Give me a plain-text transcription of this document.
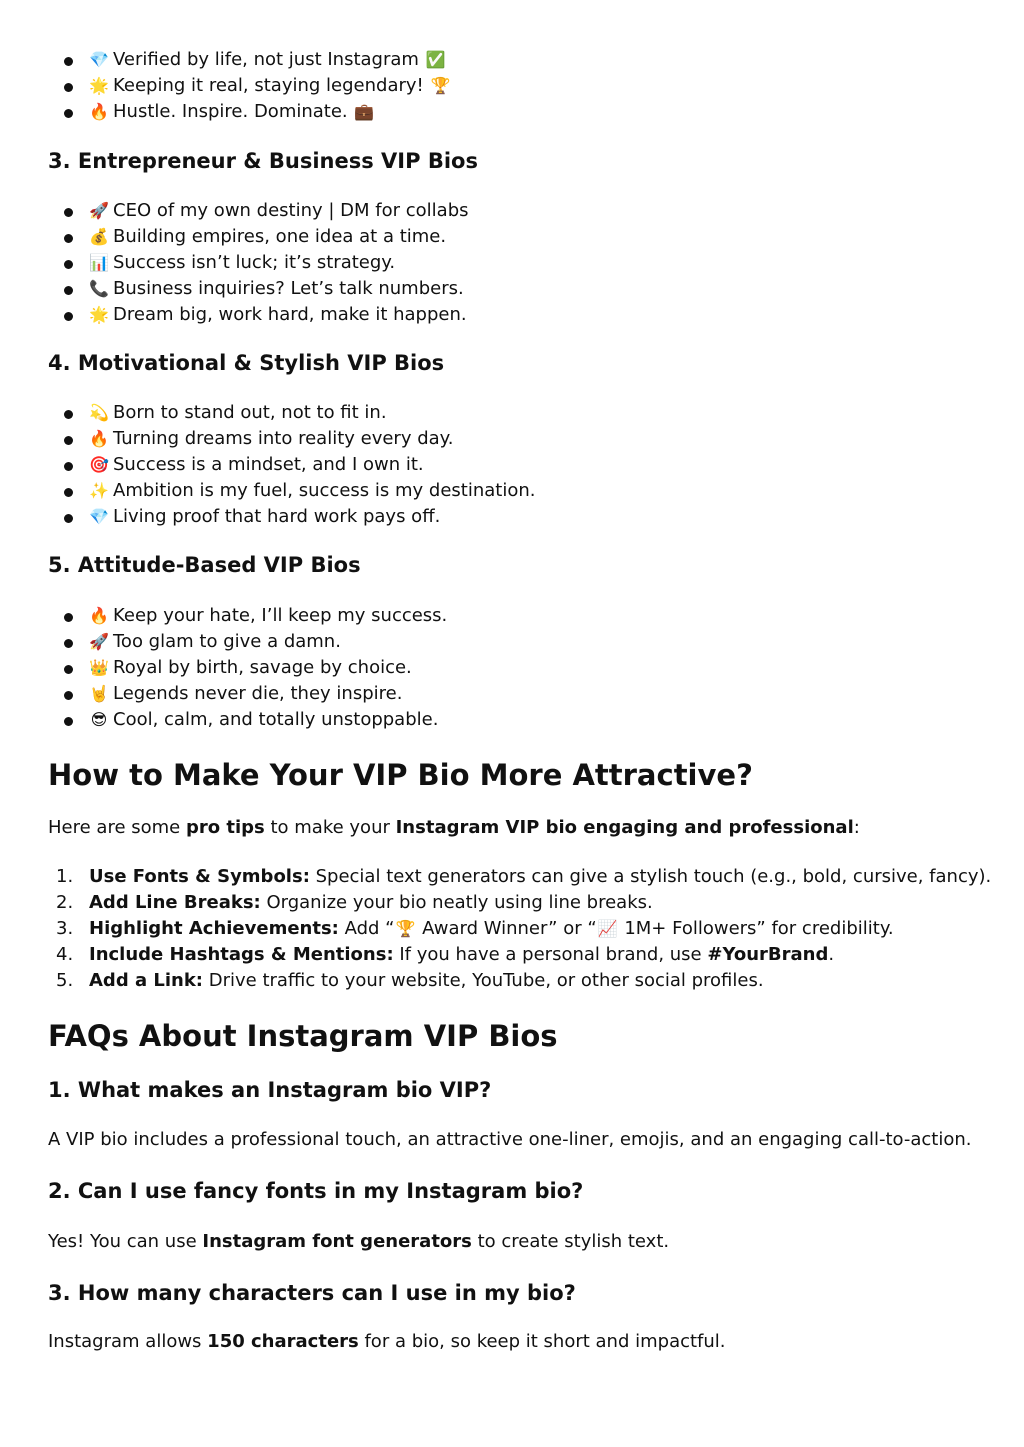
💎 Verified by life, not just Instagram ✅
🌟 Keeping it real, staying legendary! 🏆
🔥 Hustle. Inspire. Dominate. 💼
3. Entrepreneur & Business VIP Bios
🚀 CEO of my own destiny | DM for collabs
💰 Building empires, one idea at a time.
📊 Success isn’t luck; it’s strategy.
📞 Business inquiries? Let’s talk numbers.
🌟 Dream big, work hard, make it happen.
4. Motivational & Stylish VIP Bios
💫 Born to stand out, not to fit in.
🔥 Turning dreams into reality every day.
🎯 Success is a mindset, and I own it.
✨ Ambition is my fuel, success is my destination.
💎 Living proof that hard work pays off.
5. Attitude-Based VIP Bios
🔥 Keep your hate, I’ll keep my success.
🚀 Too glam to give a damn.
👑 Royal by birth, savage by choice.
🤘 Legends never die, they inspire.
😎 Cool, calm, and totally unstoppable.
How to Make Your VIP Bio More Attractive?

Here are some pro tips to make your Instagram VIP bio engaging and professional:

1. Use Fonts & Symbols: Special text generators can give a stylish touch (e.g., bold, cursive, fancy).
2. Add Line Breaks: Organize your bio neatly using line breaks.
3. Highlight Achievements: Add “🏆 Award Winner” or “📈 1M+ Followers” for credibility.
4. Include Hashtags & Mentions: If you have a personal brand, use #YourBrand.
5. Add a Link: Drive traffic to your website, YouTube, or other social profiles.
FAQs About Instagram VIP Bios
1. What makes an Instagram bio VIP?

A VIP bio includes a professional touch, an attractive one-liner, emojis, and an engaging call-to-action.

2. Can I use fancy fonts in my Instagram bio?

Yes! You can use Instagram font generators to create stylish text.

3. How many characters can I use in my bio?

Instagram allows 150 characters for a bio, so keep it short and impactful.
